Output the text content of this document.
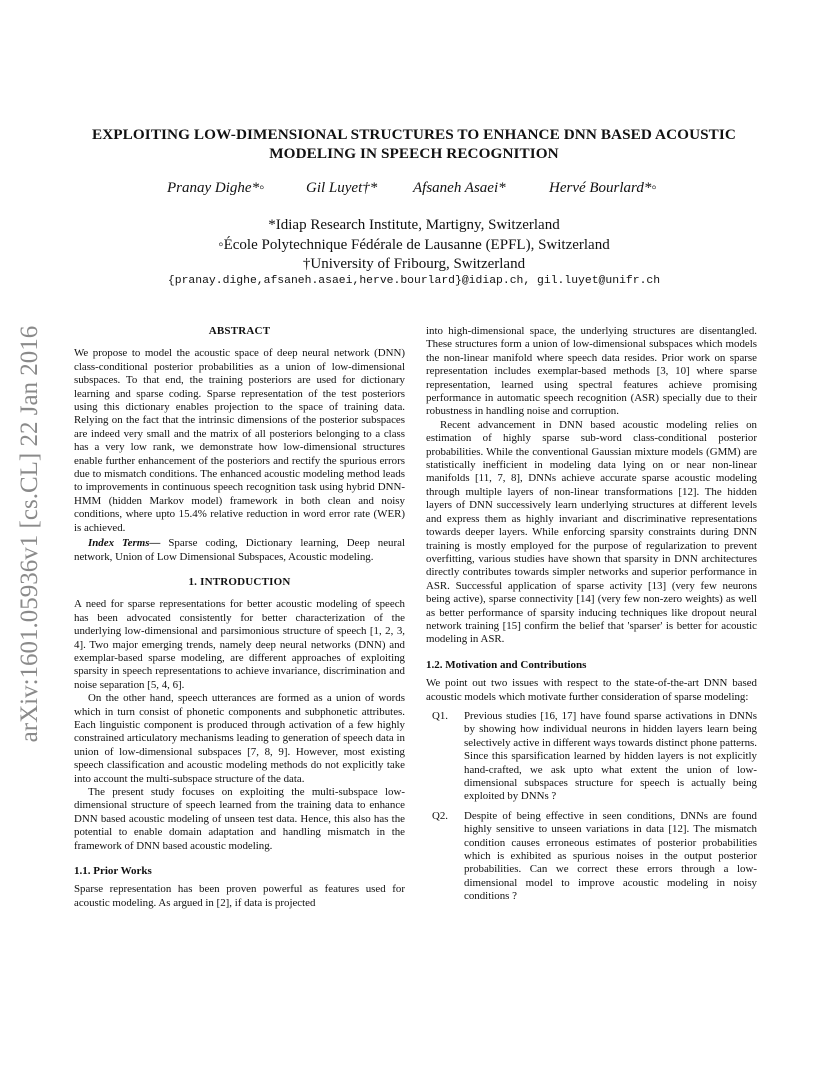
arXiv:1601.05936v1 [cs.CL] 22 Jan 2016
EXPLOITING LOW-DIMENSIONAL STRUCTURES TO ENHANCE DNN BASED ACOUSTIC
MODELING IN SPEECH RECOGNITION
Pranay Dighe*◦	Gil Luyet†* Afsaneh Asaei*	Hervé Bourlard*◦
*Idiap Research Institute, Martigny, Switzerland
◦École Polytechnique Fédérale de Lausanne (EPFL), Switzerland
†University of Fribourg, Switzerland
{pranay.dighe,afsaneh.asaei,herve.bourlard}@idiap.ch, gil.luyet@unifr.ch
ABSTRACT

We propose to model the acoustic space of deep neural network (DNN) class-conditional posterior probabilities as a union of low-dimensional subspaces. To that end, the training posteriors are used for dictionary learning and sparse coding. Sparse representation of the test posteriors using this dictionary enables projection to the space of training data. Relying on the fact that the intrinsic dimensions of the posterior subspaces are indeed very small and the matrix of all posteriors belonging to a class has a very low rank, we demonstrate how low-dimensional structures enable further enhancement of the posteriors and rectify the spurious errors due to mismatch conditions. The enhanced acoustic modeling method leads to improvements in continuous speech recognition task using hybrid DNN-HMM (hidden Markov model) framework in both clean and noisy conditions, where upto 15.4% relative reduction in word error rate (WER) is achieved.

Index Terms— Sparse coding, Dictionary learning, Deep neural network, Union of Low Dimensional Subspaces, Acoustic modeling.

1. INTRODUCTION

A need for sparse representations for better acoustic modeling of speech has been advocated consistently for better characterization of the underlying low-dimensional and parsimonious structure of speech [1, 2, 3, 4]. Two major emerging trends, namely deep neural networks (DNN) and exemplar-based sparse modeling, are different approaches of exploiting sparsity in speech representations to achieve invariance, discrimination and noise separation [5, 4, 6].

On the other hand, speech utterances are formed as a union of words which in turn consist of phonetic components and subphonetic attributes. Each linguistic component is produced through activation of a few highly constrained articulatory mechanisms leading to generation of speech data in union of low-dimensional subspaces [7, 8, 9]. However, most existing speech classification and acoustic modeling methods do not explicitly take into account the multi-subspace structure of the data.

The present study focuses on exploiting the multi-subspace low-dimensional structure of speech learned from the training data to enhance DNN based acoustic modeling of unseen test data. Hence, this also has the potential to enable domain adaptation and handling mismatch in the framework of DNN based acoustic modeling.

1.1. Prior Works

Sparse representation has been proven powerful as features used for acoustic modeling. As argued in [2], if data is projected

into high-dimensional space, the underlying structures are disentangled. These structures form a union of low-dimensional subspaces which models the non-linear manifold where speech data resides. Prior work on sparse representation includes exemplar-based methods [3, 10] where sparse representation, learned using spectral features achieve promising performance in automatic speech recognition (ASR) specially due to their robustness in handling noise and corruption.

Recent advancement in DNN based acoustic modeling relies on estimation of highly sparse sub-word class-conditional posterior probabilities. While the conventional Gaussian mixture models (GMM) are statistically inefficient in modeling data lying on or near non-linear manifolds [11, 7, 8], DNNs achieve accurate sparse acoustic modeling through multiple layers of non-linear transformations [12]. The hidden layers of DNN successively learn underlying structures at different levels and express them as highly invariant and discriminative representations towards deeper layers. While enforcing sparsity constraints during DNN training is mostly employed for the purpose of regularization to prevent overfitting, various studies have shown that sparsity in DNN architectures directly contributes towards simpler networks and superior performance in ASR. Successful application of sparse activity [13] (very few neurons being active), sparse connectivity [14] (very few non-zero weights) as well as better performance of sparsity inducing techniques like dropout neural network training [15] confirm the belief that 'sparser' is better for acoustic modeling in ASR.

1.2. Motivation and Contributions

We point out two issues with respect to the state-of-the-art DNN based acoustic models which motivate further consideration of sparse modeling:

Q1.	Previous studies [16, 17] have found sparse activations in DNNs by showing how individual neurons in hidden layers learn being selectively active in different ways towards distinct phone patterns. Since this sparsification learned by hidden layers is not explicitly hand-crafted, we ask upto what extent the union of low-dimensional subspaces structure for speech is actually being exploited by DNNs ?
Q2.	Despite of being effective in seen conditions, DNNs are found highly sensitive to unseen variations in data [12]. The mismatch condition causes erroneous estimates of posterior probabilities which is exhibited as spurious noises in the output posterior probabilities. Can we correct these errors through a low-dimensional model to improve acoustic modeling in noisy conditions ?
